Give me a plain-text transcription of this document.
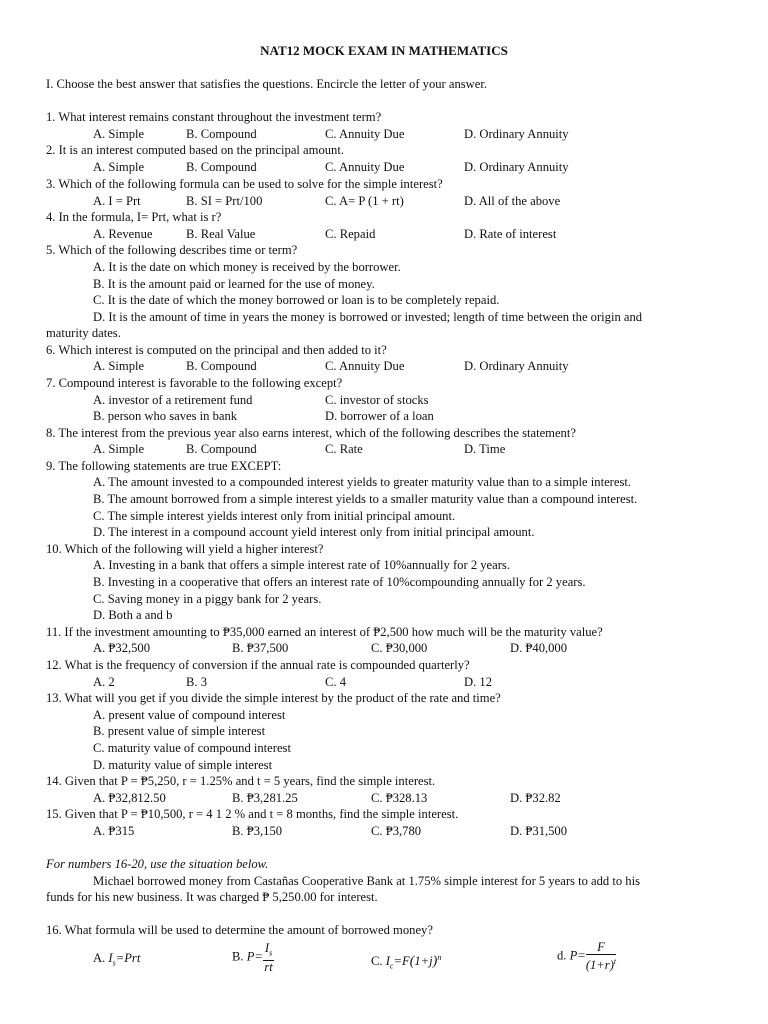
NAT12 MOCK EXAM IN MATHEMATICS
I. Choose the best answer that satisfies the questions. Encircle the letter of your answer.
1. What interest remains constant throughout the investment term?
A. Simple	B. Compound	C. Annuity Due	D. Ordinary Annuity
2. It is an interest computed based on the principal amount.
A. Simple	B. Compound	C. Annuity Due	D. Ordinary Annuity
3. Which of the following formula can be used to solve for the simple interest?
A. I = Prt	B. SI = Prt/100	C. A= P (1 + rt)	D. All of the above
4. In the formula, I= Prt, what is r?
A. Revenue	B. Real Value	C. Repaid	D. Rate of interest
5. Which of the following describes time or term?
A. It is the date on which money is received by the borrower.
B. It is the amount paid or learned for the use of money.
C. It is the date of which the money borrowed or loan is to be completely repaid.
D. It is the amount of time in years the money is borrowed or invested; length of time between the origin and
maturity dates.
6. Which interest is computed on the principal and then added to it?
A. Simple	B. Compound	C. Annuity Due	D. Ordinary Annuity
7. Compound interest is favorable to the following except?
A. investor of a retirement fund	C. investor of stocks
B. person who saves in bank	D. borrower of a loan
8. The interest from the previous year also earns interest, which of the following describes the statement?
A. Simple	B. Compound	C. Rate	D. Time
9. The following statements are true EXCEPT:
A. The amount invested to a compounded interest yields to greater maturity value than to a simple interest.
B. The amount borrowed from a simple interest yields to a smaller maturity value than a compound interest.
C. The simple interest yields interest only from initial principal amount.
D. The interest in a compound account yield interest only from initial principal amount.
10. Which of the following will yield a higher interest?
A. Investing in a bank that offers a simple interest rate of 10%annually for 2 years.
B. Investing in a cooperative that offers an interest rate of 10%compounding annually for 2 years.
C. Saving money in a piggy bank for 2 years.
D. Both a and b
11. If the investment amounting to ₱35,000 earned an interest of ₱2,500 how much will be the maturity value?
A. ₱32,500	B. ₱37,500	C. ₱30,000	D. ₱40,000
12. What is the frequency of conversion if the annual rate is compounded quarterly?
A. 2	B. 3	C. 4	D. 12
13. What will you get if you divide the simple interest by the product of the rate and time?
A. present value of compound interest
B. present value of simple interest
C. maturity value of compound interest
D. maturity value of simple interest
14. Given that P = ₱5,250, r = 1.25% and t = 5 years, find the simple interest.
A. ₱32,812.50	B. ₱3,281.25	C. ₱328.13	D. ₱32.82
15. Given that P = ₱10,500, r = 4 1 2 % and t = 8 months, find the simple interest.
A. ₱315	B. ₱3,150	C. ₱3,780	D. ₱31,500
For numbers 16-20, use the situation below.
Michael borrowed money from Castañas Cooperative Bank at 1.75% simple interest for 5 years to add to his
funds for his new business. It was charged ₱ 5,250.00 for interest.
16. What formula will be used to determine the amount of borrowed money?
A. $I_s=Prt$	B. $P= \frac{I_s}{rt}$	C. $I_c=F(1+j)^n$	d. $P= \frac{F}{(1+r)^t}$
